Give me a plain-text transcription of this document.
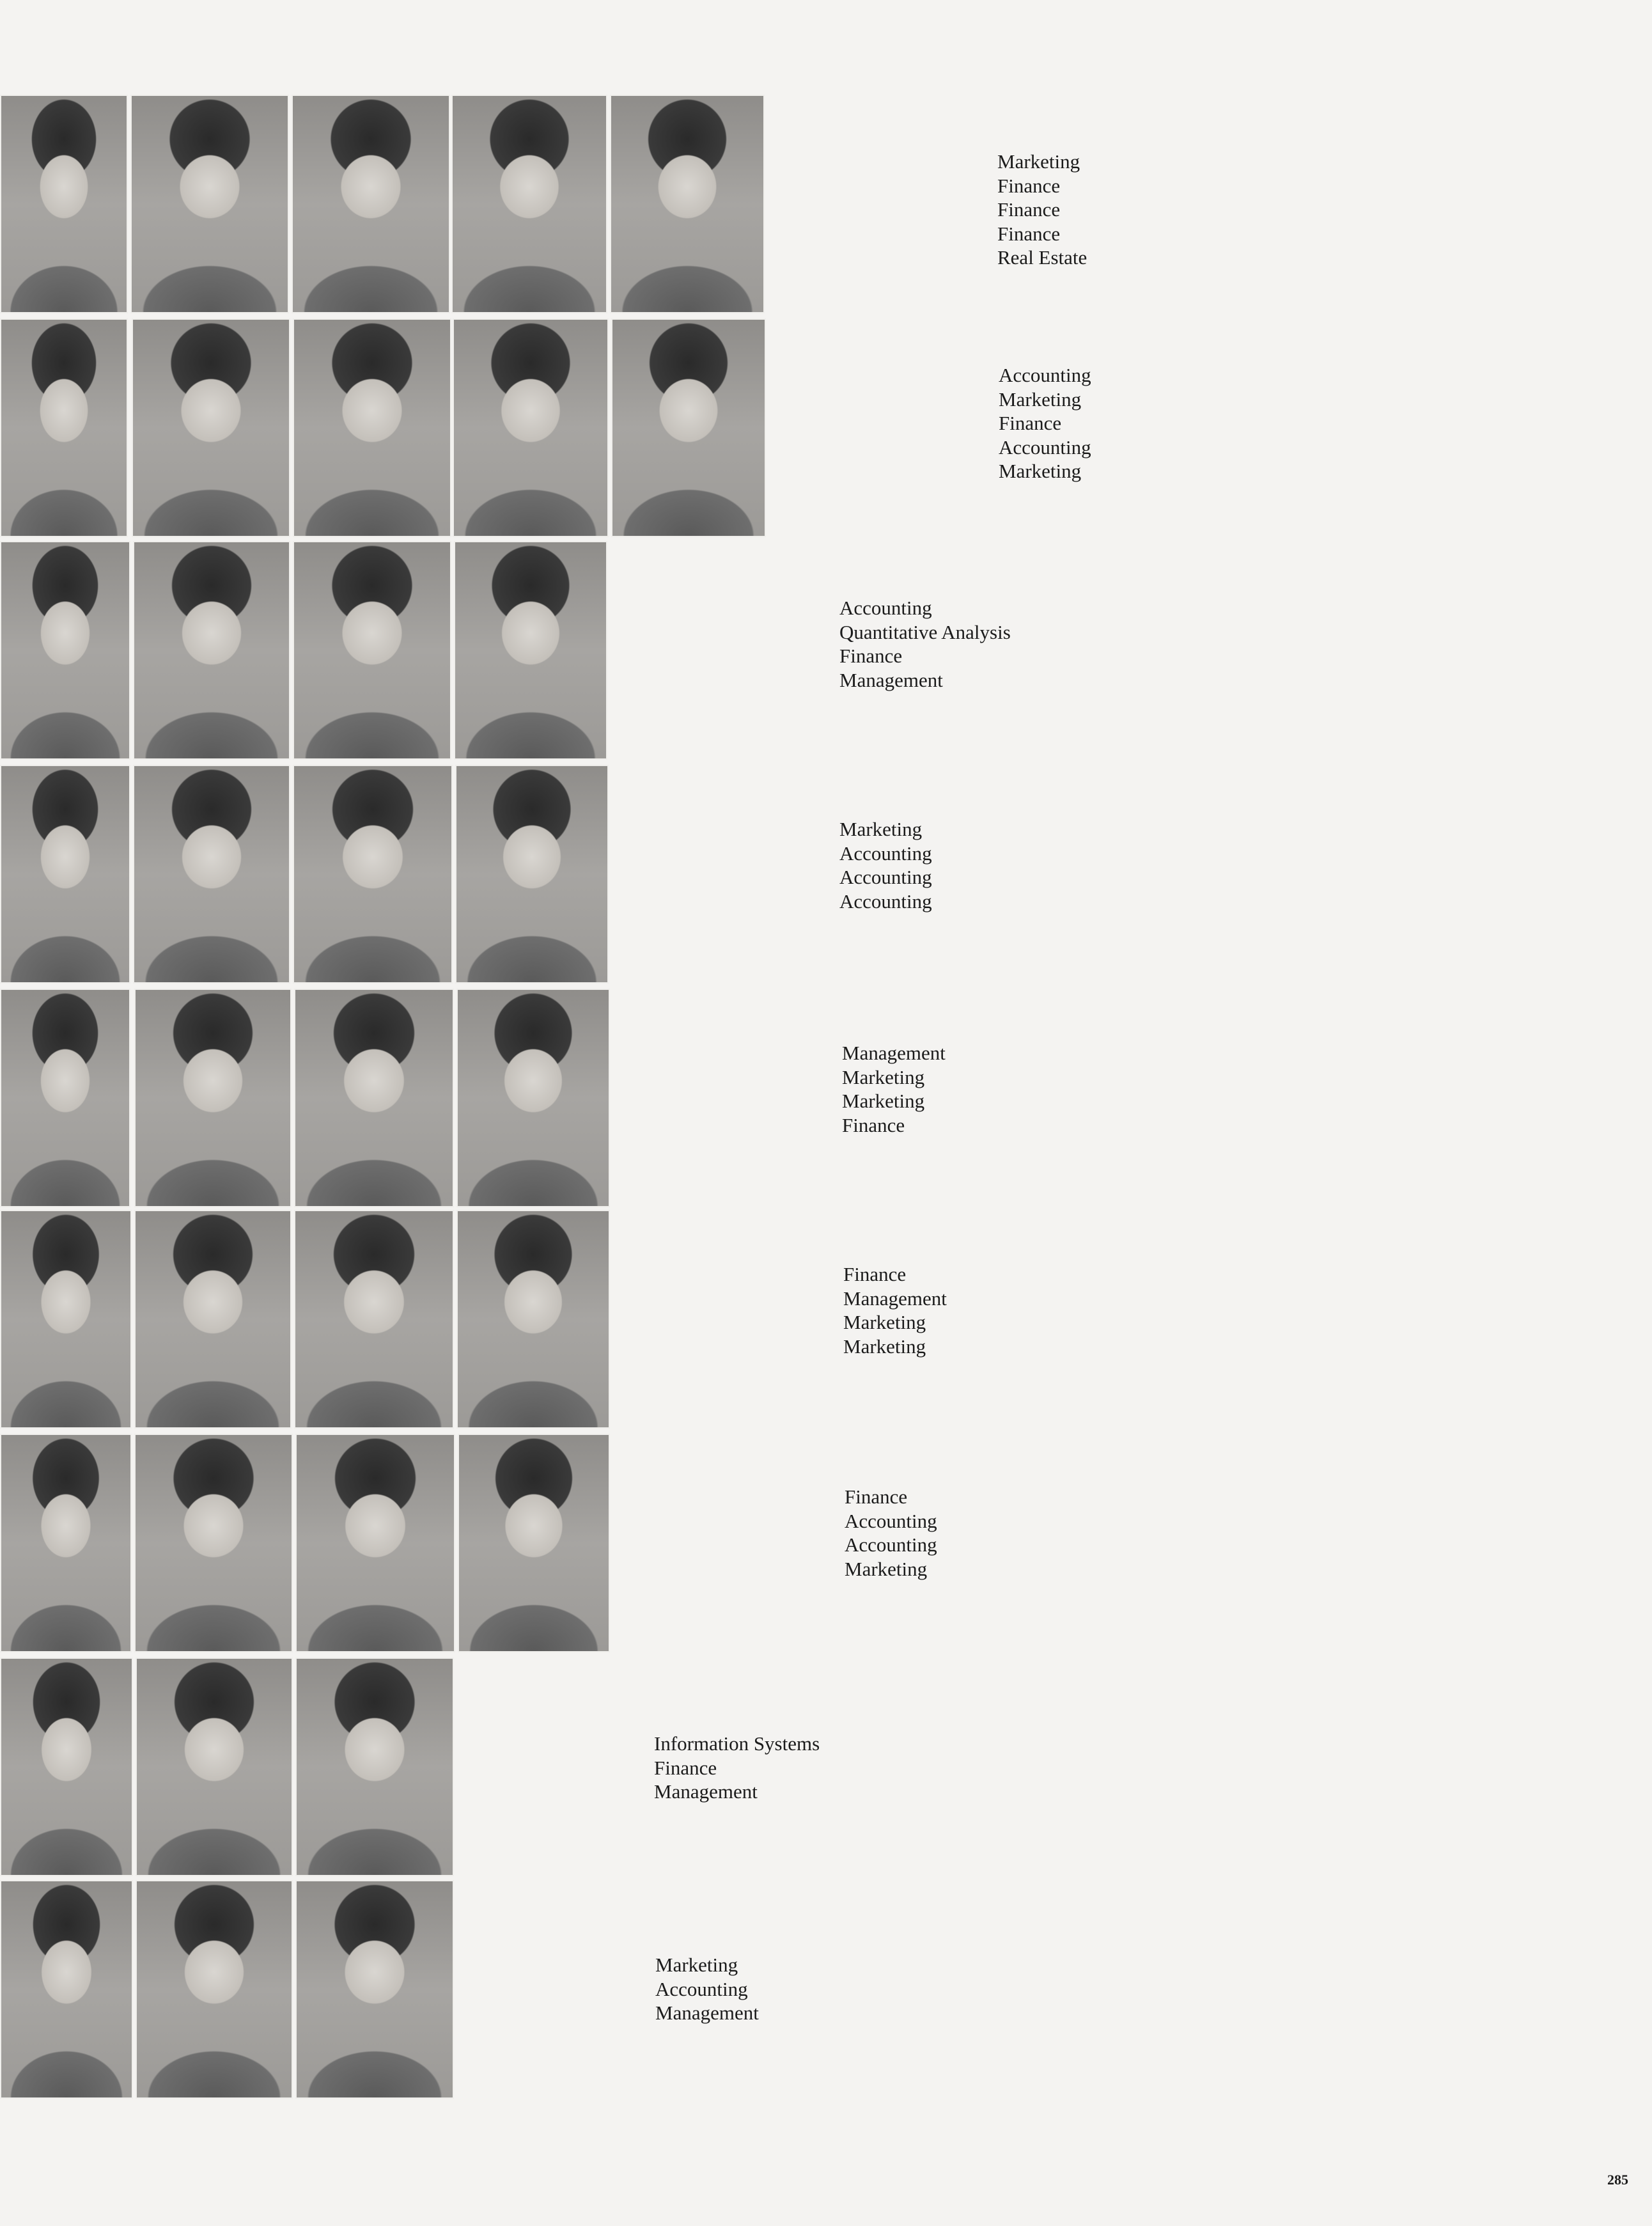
Marketing
Finance
Finance
Finance
Real Estate
Accounting
Marketing
Finance
Accounting
Marketing
Accounting
Quantitative Analysis
Finance
Management
Marketing
Accounting
Accounting
Accounting
Management
Marketing
Marketing
Finance
Finance
Management
Marketing
Marketing
Finance
Accounting
Accounting
Marketing
Information Systems
Finance
Management
Marketing
Accounting
Management
285
